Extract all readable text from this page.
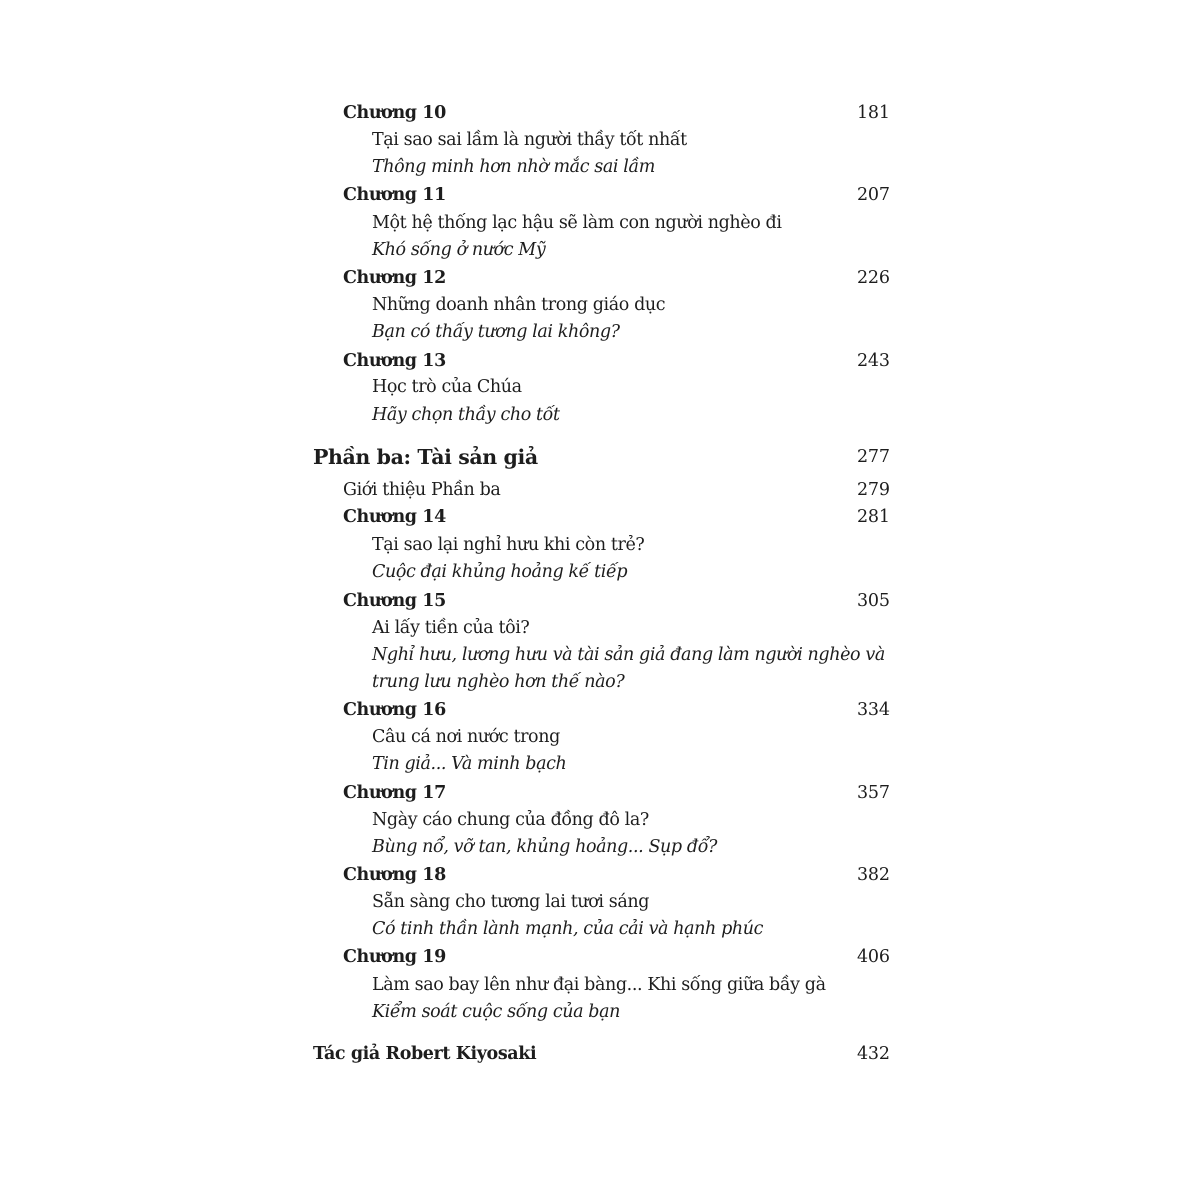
Chương 10	181
Tại sao sai lầm là người thầy tốt nhất
Thông minh hơn nhờ mắc sai lầm
Chương 11	207
Một hệ thống lạc hậu sẽ làm con người nghèo đi
Khó sống ở nước Mỹ
Chương 12	226
Những doanh nhân trong giáo dục
Bạn có thấy tương lai không?
Chương 13	243
Học trò của Chúa
Hãy chọn thầy cho tốt
Phần ba: Tài sản giả	277
Giới thiệu Phần ba	279
Chương 14	281
Tại sao lại nghỉ hưu khi còn trẻ?
Cuộc đại khủng hoảng kế tiếp
Chương 15	305
Ai lấy tiền của tôi?
Nghỉ hưu, lương hưu và tài sản giả đang làm người nghèo và
trung lưu nghèo hơn thế nào?
Chương 16	334
Câu cá nơi nước trong
Tin giả... Và minh bạch
Chương 17	357
Ngày cáo chung của đồng đô la?
Bùng nổ, vỡ tan, khủng hoảng... Sụp đổ?
Chương 18	382
Sẵn sàng cho tương lai tươi sáng
Có tinh thần lành mạnh, của cải và hạnh phúc
Chương 19	406
Làm sao bay lên như đại bàng... Khi sống giữa bầy gà
Kiểm soát cuộc sống của bạn
Tác giả Robert Kiyosaki	432
